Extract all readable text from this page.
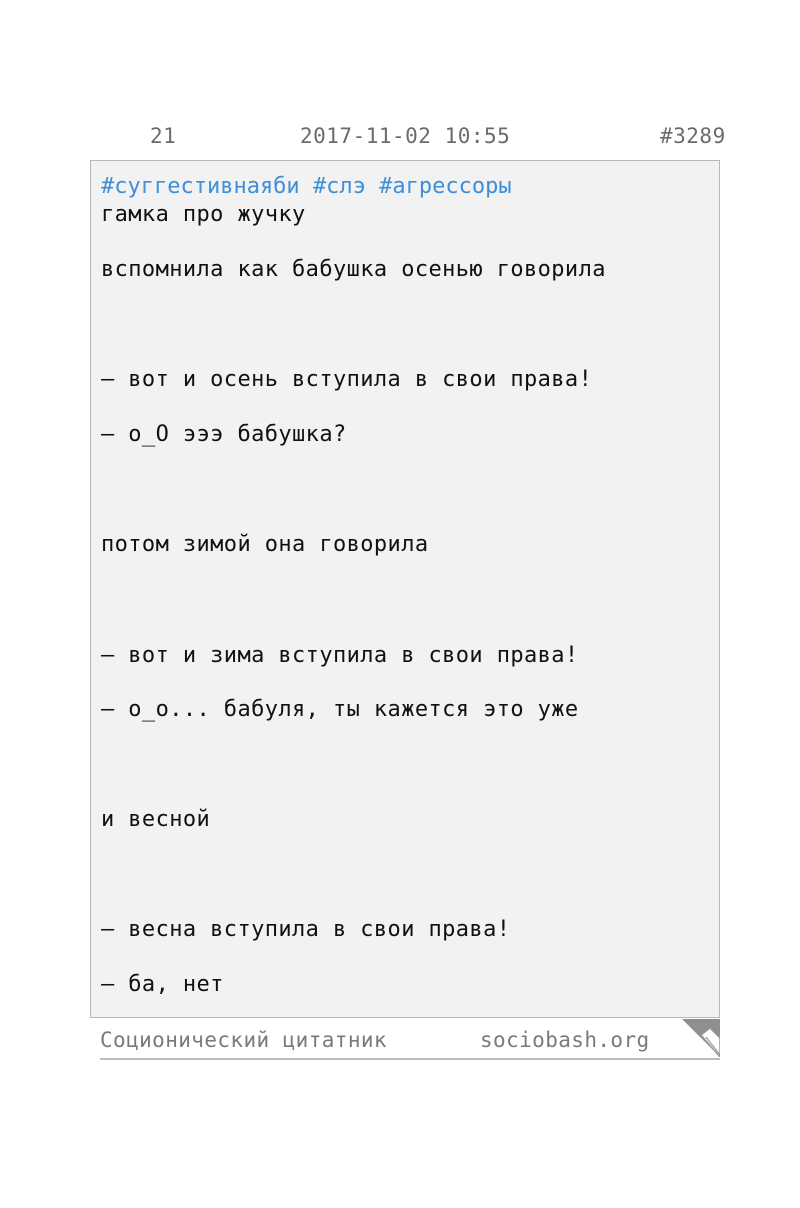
21	2017-11-02 10:55	#3289
#суггестивнаяби #слэ #агрессоры
гамка про жучку
вспомнила как бабушка осенью говорила
– вот и осень вступила в свои права!
– о_О эээ бабушка?
потом зимой она говорила
– вот и зима вступила в свои права!
– о_о... бабуля, ты кажется это уже
и весной
– весна вступила в свои права!
– ба, нет
Соционический цитатник	sociobash.org
